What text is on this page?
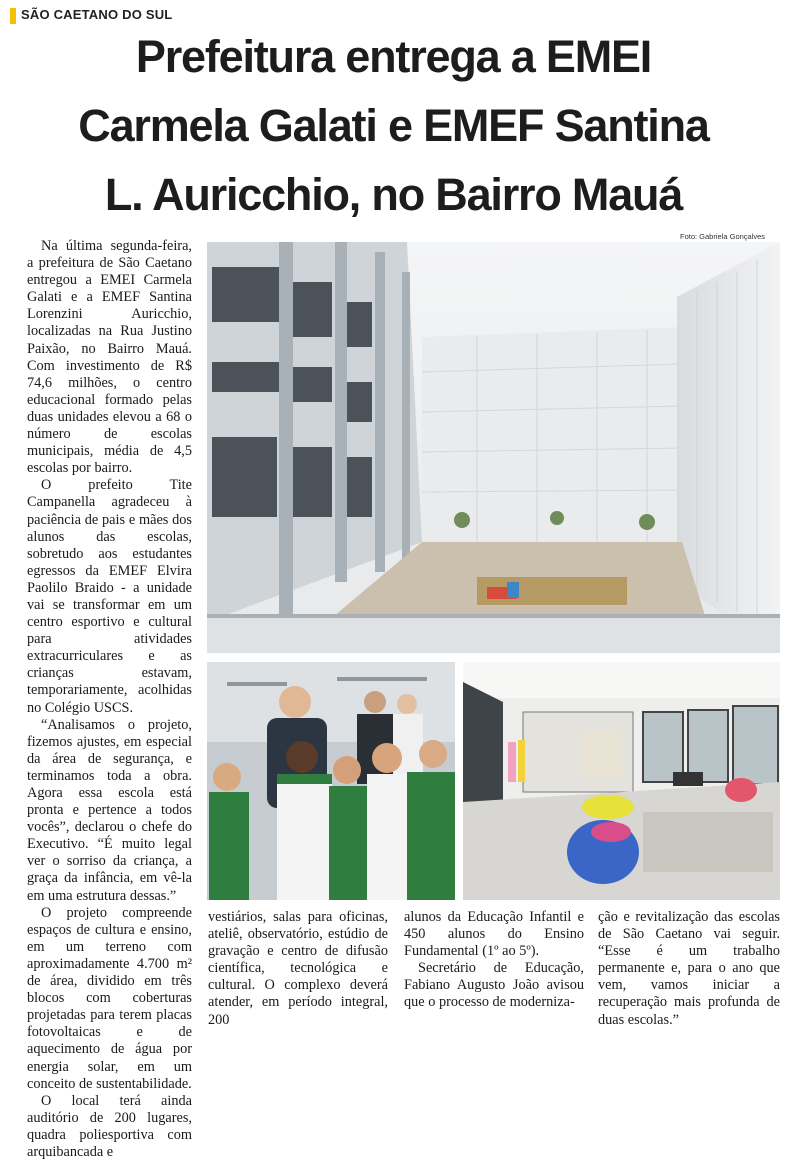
SÃO CAETANO DO SUL
Prefeitura entrega a EMEI
Carmela Galati e EMEF Santina
L. Auricchio, no Bairro Mauá
Foto: Gabriela Gonçalves

Na última segunda-feira, a prefeitura de São Caetano entregou a EMEI Carmela Galati e a EMEF Santina Lorenzini Auricchio, localizadas na Rua Justino Paixão, no Bairro Mauá. Com investimento de R$ 74,6 milhões, o centro educacional formado pelas duas unidades elevou a 68 o número de escolas municipais, média de 4,5 escolas por bairro.

O prefeito Tite Campanella agradeceu à paciência de pais e mães dos alunos das escolas, sobretudo aos estudantes egressos da EMEF Elvira Paolilo Braido - a unidade vai se transformar em um centro esportivo e cultural para atividades extracurriculares e as crianças estavam, temporariamente, acolhidas no Colégio USCS.

“Analisamos o projeto, fizemos ajustes, em especial da área de segurança, e terminamos toda a obra. Agora essa escola está pronta e pertence a todos vocês”, declarou o chefe do Executivo. “É muito legal ver o sorriso da criança, a graça da infância, em vê-la em uma estrutura dessas.”

O projeto compreende espaços de cultura e ensino, em um terreno com aproximadamente 4.700 m² de área, dividido em três blocos com coberturas projetadas para terem placas fotovoltaicas e de aquecimento de água por energia solar, em um conceito de sustentabilidade.

O local terá ainda auditório de 200 lugares, quadra poliesportiva com arquibancada e

vestiários, salas para oficinas, ateliê, observatório, estúdio de gravação e centro de difusão científica, tecnológica e cultural. O complexo deverá atender, em período integral, 200

alunos da Educação Infantil e 450 alunos do Ensino Fundamental (1º ao 5º).

Secretário de Educação, Fabiano Augusto João avisou que o processo de moderniza-

ção e revitalização das escolas de São Caetano vai seguir. “Esse é um trabalho permanente e, para o ano que vem, vamos iniciar a recuperação mais profunda de duas escolas.”
